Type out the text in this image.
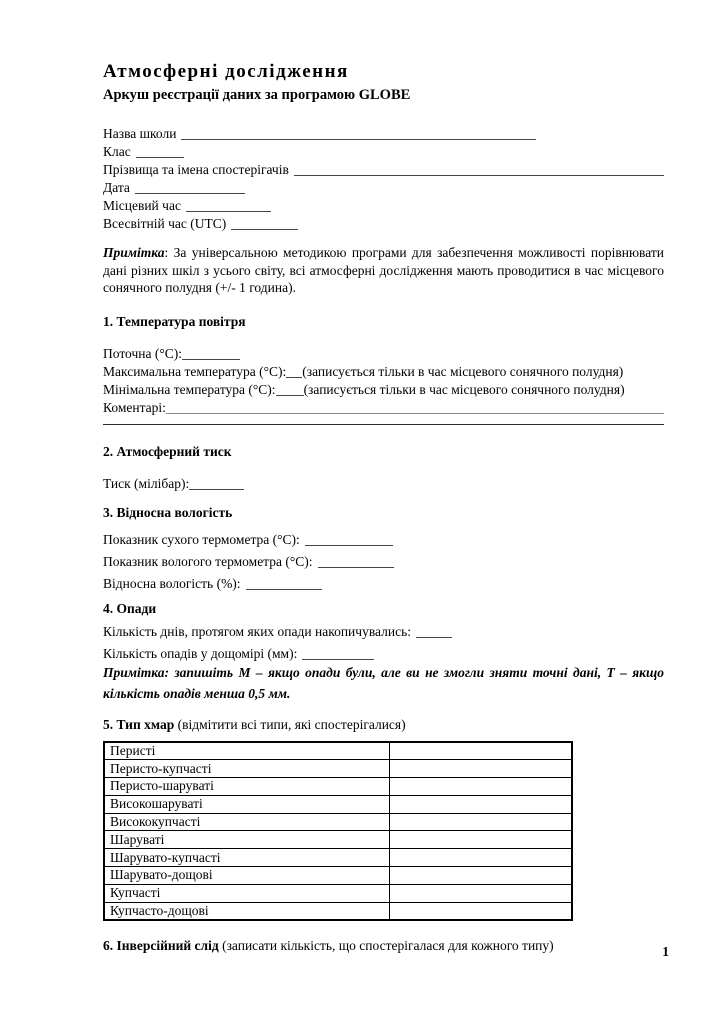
Атмосферні дослідження
Аркуш реєстрації даних за програмою GLOBE
Назва школи
Клас
Прізвища та імена спостерігачів
Дата
Місцевий час
Всесвітній час (UTC)

Примітка: За універсальною методикою програми для забезпечення можливості порівнювати дані різних шкіл з усього світу, всі атмосферні дослідження мають проводитися в час місцевого сонячного полудня (+/- 1 година).

1. Температура повітря
Поточна (°C):
Максимальна температура (°C): (записується тільки в час місцевого сонячного полудня)
Мінімальна температура (°C): (записується тільки в час місцевого сонячного полудня)
Коментарі:
2. Атмосферний тиск
Тиск (мілібар):
3. Відносна вологість
Показник сухого термометра (°C):
Показник вологого термометра (°C):
Відносна вологість (%):
4. Опади
Кількість днів, протягом яких опади накопичувались:
Кількість опадів у дощомірі (мм):

Примітка: запишіть M – якщо опади були, але ви не змогли зняти точні дані, T – якщо кількість опадів менша 0,5 мм.

5. Тип хмар (відмітити всі типи, які спостерігалися)
Перисті	
Перисто-купчасті	
Перисто-шаруваті	
Високошаруваті	
Висококупчасті	
Шаруваті	
Шарувато-купчасті	
Шарувато-дощові	
Купчасті	
Купчасто-дощові	
6. Інверсійний слід (записати кількість, що спостерігалася для кожного типу)	1
